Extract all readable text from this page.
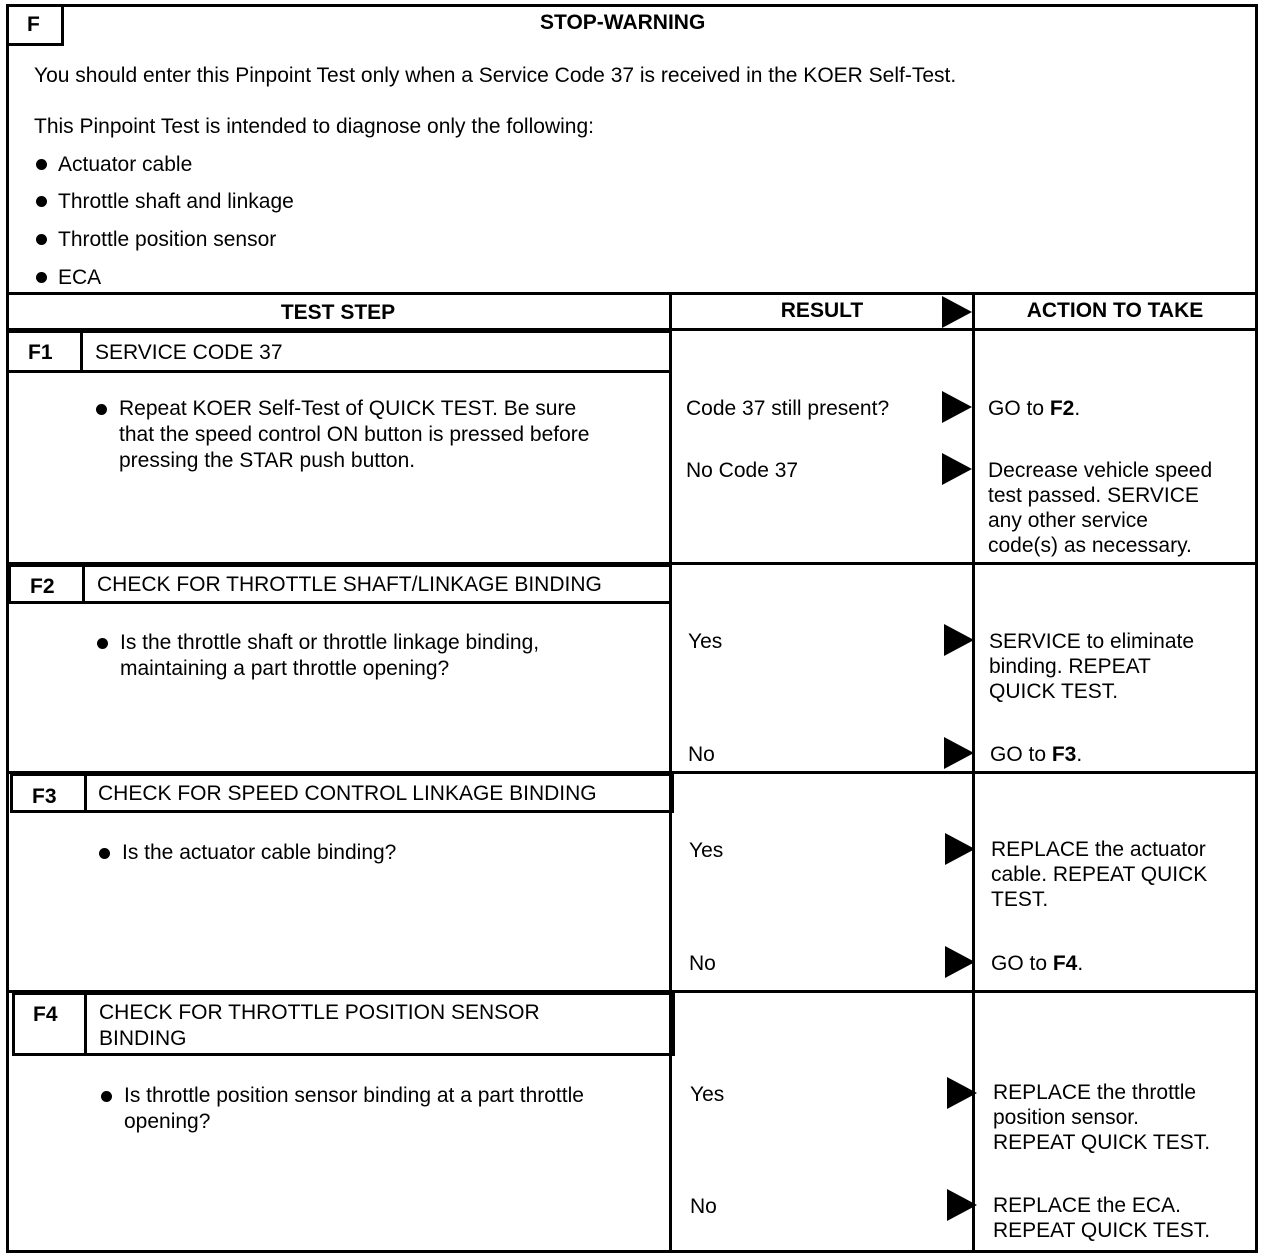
F	STOP-WARNING
You should enter this Pinpoint Test only when a Service Code 37 is received in the KOER Self-Test.
This Pinpoint Test is intended to diagnose only the following:
Actuator cable
Throttle shaft and linkage
Throttle position sensor
ECA
TEST STEP	RESULT	ACTION TO TAKE
F1 SERVICE CODE 37
Repeat KOER Self-Test of QUICK TEST. Be sure
that the speed control ON button is pressed before
pressing the STAR push button.
Code 37 still present?	GO to F2.
No Code 37	Decrease vehicle speed
test passed. SERVICE
any other service
code(s) as necessary.
F2 CHECK FOR THROTTLE SHAFT/LINKAGE BINDING
Is the throttle shaft or throttle linkage binding,
maintaining a part throttle opening?
Yes	SERVICE to eliminate
binding. REPEAT
QUICK TEST.
No	GO to F3.
F3 CHECK FOR SPEED CONTROL LINKAGE BINDING
Is the actuator cable binding?	Yes	REPLACE the actuator
cable. REPEAT QUICK
TEST.
No	GO to F4.
F4 CHECK FOR THROTTLE POSITION SENSOR
BINDING
Is throttle position sensor binding at a part throttle
opening?
Yes	REPLACE the throttle
position sensor.
REPEAT QUICK TEST.
No	REPLACE the ECA.
REPEAT QUICK TEST.
